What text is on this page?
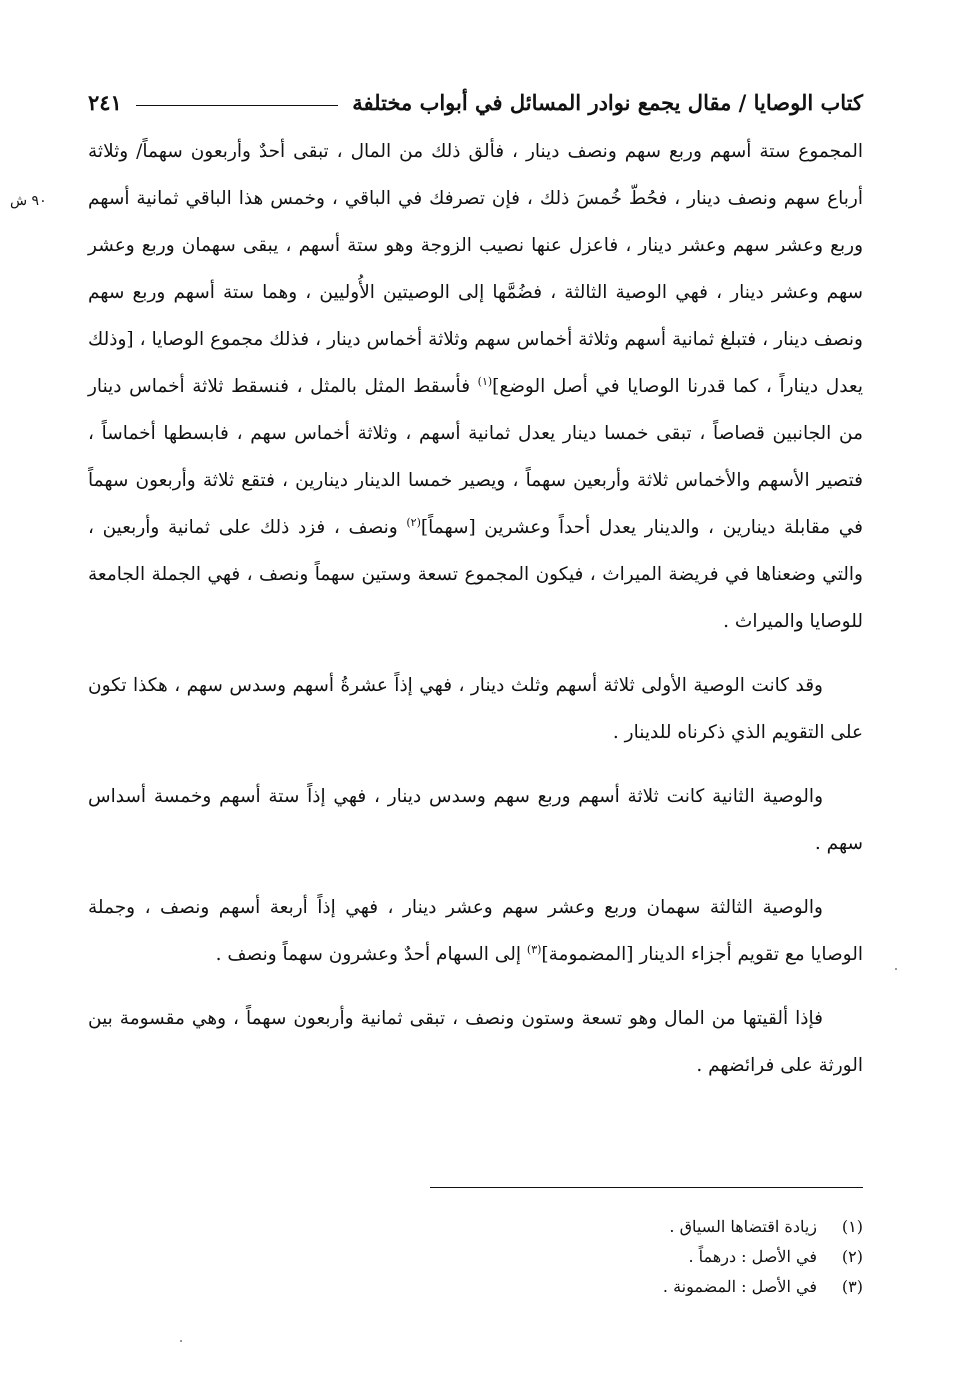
كتاب الوصايا / مقال يجمع نوادر المسائل في أبواب مختلفة
٢٤١
٩٠ ش

المجموع ستة أسهم وربع سهم ونصف دينار ، فألق ذلك من المال ، تبقى أحدٌ وأربعون سهماً/ وثلاثة أرباع سهم ونصف دينار ، فحُطّ خُمسَ ذلك ، فإن تصرفك في الباقي ، وخمس هذا الباقي ثمانية أسهم وربع وعشر سهم وعشر دينار ، فاعزل عنها نصيب الزوجة وهو ستة أسهم ، يبقى سهمان وربع وعشر سهم وعشر دينار ، فهي الوصية الثالثة ، فضُمَّها إلى الوصيتين الأُوليين ، وهما ستة أسهم وربع سهم ونصف دينار ، فتبلغ ثمانية أسهم وثلاثة أخماس سهم وثلاثة أخماس دينار ، فذلك مجموع الوصايا ، [وذلك يعدل ديناراً ، كما قدرنا الوصايا في أصل الوضع]$^{(١)}$ فأسقط المثل بالمثل ، فنسقط ثلاثة أخماس دينار من الجانبين قصاصاً ، تبقى خمسا دينار يعدل ثمانية أسهم ، وثلاثة أخماس سهم ، فابسطها أخماساً ، فتصير الأسهم والأخماس ثلاثة وأربعين سهماً ، ويصير خمسا الدينار دينارين ، فتقع ثلاثة وأربعون سهماً في مقابلة دينارين ، والدينار يعدل أحداً وعشرين [سهماً]$^{(٢)}$ ونصف ، فزد ذلك على ثمانية وأربعين ، والتي وضعناها في فريضة الميراث ، فيكون المجموع تسعة وستين سهماً ونصف ، فهي الجملة الجامعة للوصايا والميراث .

وقد كانت الوصية الأولى ثلاثة أسهم وثلث دينار ، فهي إذاً عشرةُ أسهم وسدس سهم ، هكذا تكون على التقويم الذي ذكرناه للدينار .

والوصية الثانية كانت ثلاثة أسهم وربع سهم وسدس دينار ، فهي إذاً ستة أسهم وخمسة أسداس سهم .

والوصية الثالثة سهمان وربع وعشر سهم وعشر دينار ، فهي إذاً أربعة أسهم ونصف ، وجملة الوصايا مع تقويم أجزاء الدينار [المضمومة]$^{(٣)}$ إلى السهام أحدٌ وعشرون سهماً ونصف .

فإذا ألقيتها من المال وهو تسعة وستون ونصف ، تبقى ثمانية وأربعون سهماً ، وهي مقسومة بين الورثة على فرائضهم .

(١)
زيادة اقتضاها السياق .
(٢)
في الأصل : درهماً .
(٣)
في الأصل : المضمونة .
